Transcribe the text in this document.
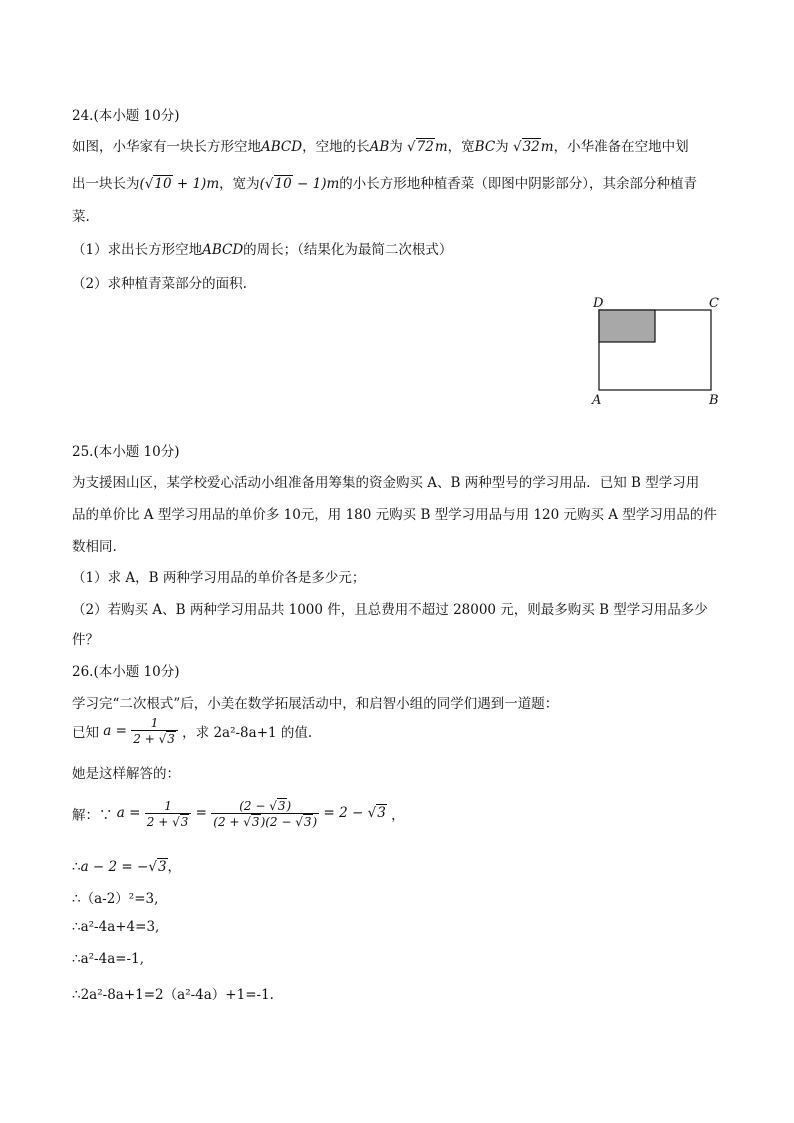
24.(本小题 10分)
如图，小华家有一块长方形空地ABCD，空地的长AB为 √72m，宽BC为 √32m，小华准备在空地中划
出一块长为(√10 + 1)m，宽为(√10 − 1)m的小长方形地种植香菜（即图中阴影部分），其余部分种植青
菜.
（1）求出长方形空地ABCD的周长；（结果化为最简二次根式）
（2）求种植青菜部分的面积.
D	C
A	B
25.(本小题 10分)
为支援困山区，某学校爱心活动小组准备用筹集的资金购买 A、B 两种型号的学习用品．已知 B 型学习用
品的单价比 A 型学习用品的单价多 10元，用 180 元购买 B 型学习用品与用 120 元购买 A 型学习用品的件
数相同.
（1）求 A，B 两种学习用品的单价各是多少元；
（2）若购买 A、B 两种学习用品共 1000 件，且总费用不超过 28000 元，则最多购买 B 型学习用品多少
件？
26.(本小题 10分)
学习完“二次根式”后，小美在数学拓展活动中，和启智小组的同学们遇到一道题：
已知 $a = \frac{1}{2 + √3}$ ，求 2a²-8a+1 的值.
她是这样解答的：
解：∵ $a = \frac{1}{2 + √3} = \frac{(2 - √3)}{(2 + √3)(2 - √3)} = 2 - √3$ ，
∴a − 2 = −√3，
∴（a-2）²=3,
∴a²-4a+4=3,
∴a²-4a=-1,
∴2a²-8a+1=2（a²-4a）+1=-1.
